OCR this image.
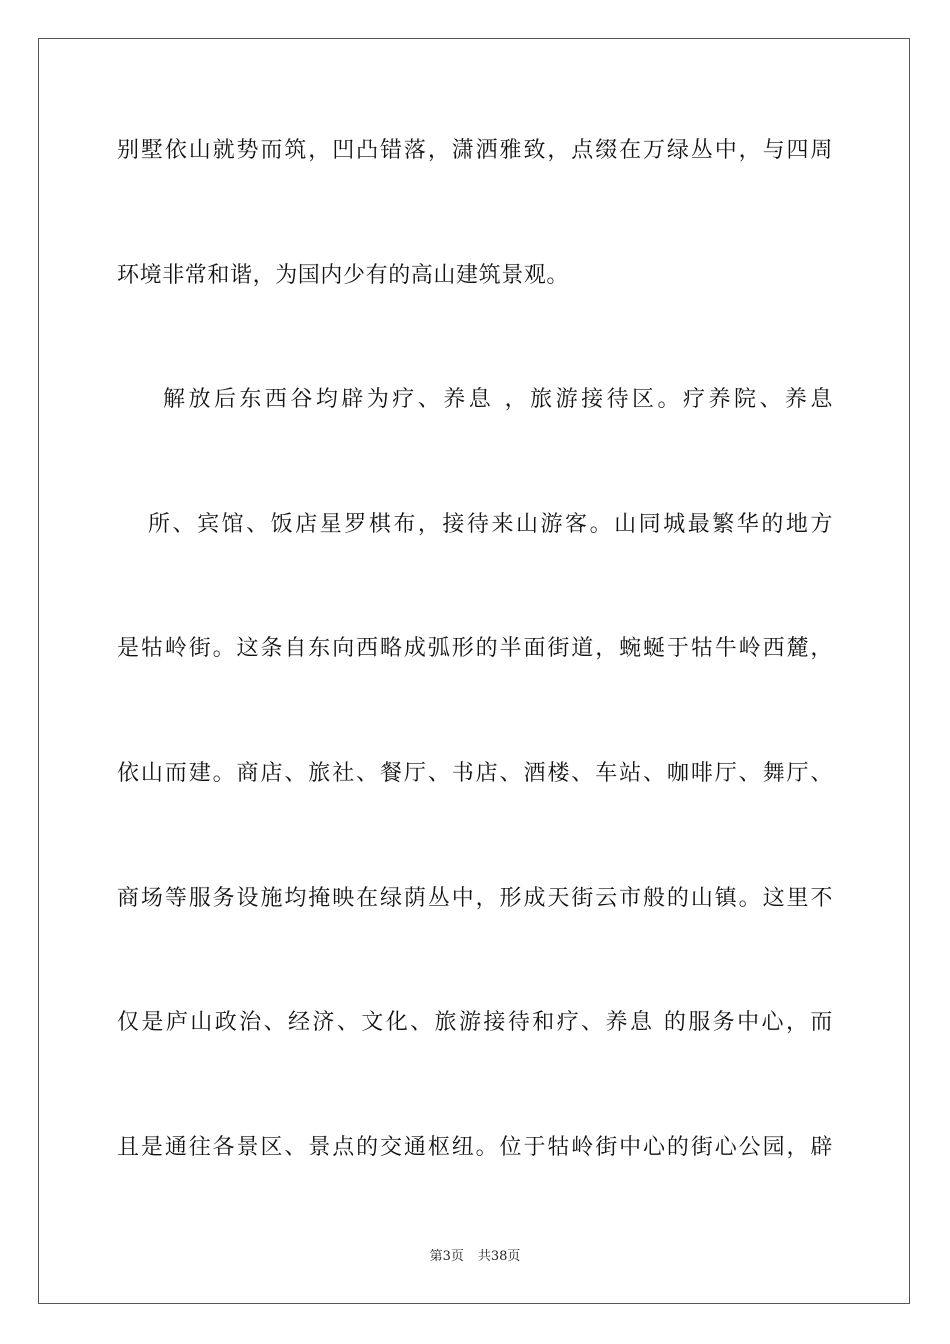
别墅依山就势而筑，凹凸错落，潇洒雅致，点缀在万绿丛中，与四周
环境非常和谐，为国内少有的高山建筑景观。
解放后东西谷均辟为疗、养息 ，旅游接待区。疗养院、养息
所、宾馆、饭店星罗棋布，接待来山游客。山同城最繁华的地方
是牯岭街。这条自东向西略成弧形的半面街道，蜿蜒于牯牛岭西麓，
依山而建。商店、旅社、餐厅、书店、酒楼、车站、咖啡厅、舞厅、
商场等服务设施均掩映在绿荫丛中，形成天街云市般的山镇。这里不
仅是庐山政治、经济、文化、旅游接待和疗、养息 的服务中心，而
且是通往各景区、景点的交通枢纽。位于牯岭街中心的街心公园，辟
第3页 共38页
